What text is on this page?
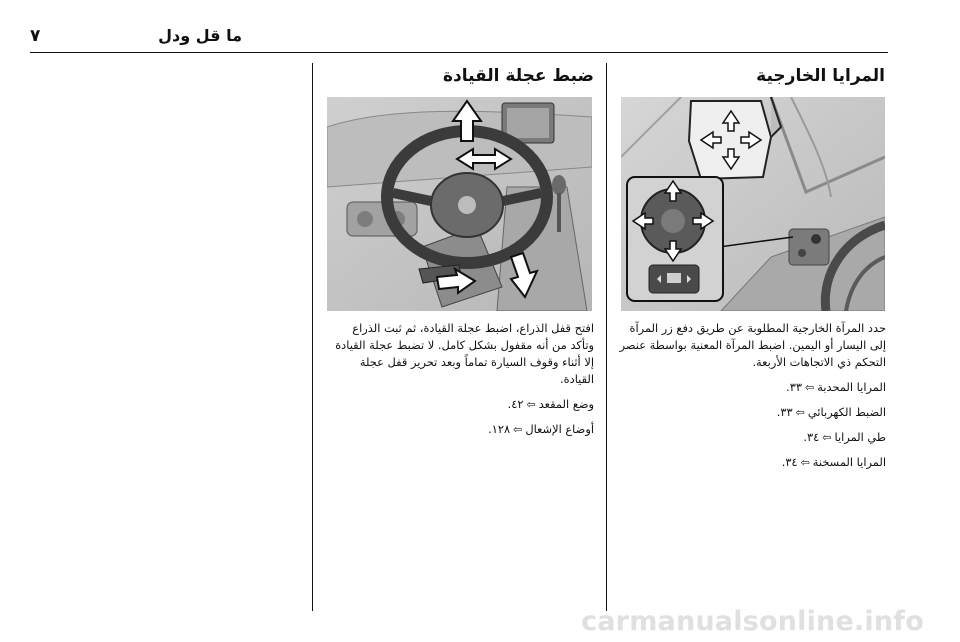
٧	ما قل ودل
المرايا الخارجية

حدد المرآة الخارجية المطلوبة عن طريق دفع زر المرآة إلى اليسار أو اليمين. اضبط المرآة المعنية بواسطة عنصر التحكم ذي الاتجاهات الأربعة.

المرايا المحدبة⇦٣٣.
الضبط الكهربائي⇦٣٣.
طي المرايا⇦٣٤.
المرايا المسخنة⇦٣٤.
ضبط عجلة القيادة

افتح قفل الذراع، اضبط عجلة القيادة، ثم ثبت الذراع وتأكد من أنه مقفول بشكل كامل. لا تضبط عجلة القيادة إلا أثناء وقوف السيارة تماماً وبعد تحرير قفل عجلة القيادة.

وضع المقعد⇦٤٢.
أوضاع الإشعال⇦١٢٨.
carmanualsonline.info
